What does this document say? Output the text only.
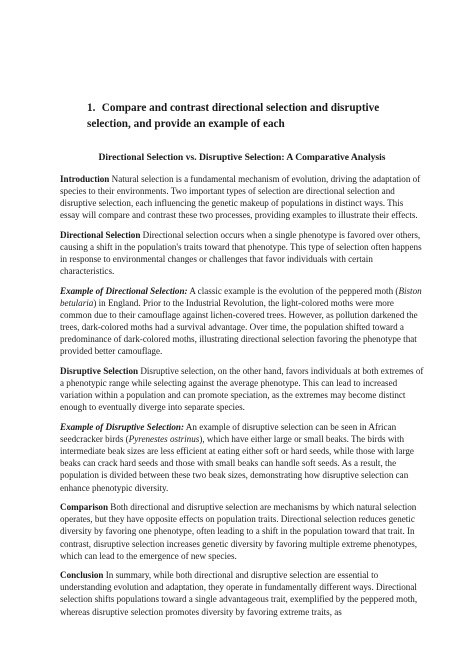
1. Compare and contrast directional selection and disruptive selection, and provide an example of each
Directional Selection vs. Disruptive Selection: A Comparative Analysis

Introduction Natural selection is a fundamental mechanism of evolution, driving the adaptation of species to their environments. Two important types of selection are directional selection and disruptive selection, each influencing the genetic makeup of populations in distinct ways. This essay will compare and contrast these two processes, providing examples to illustrate their effects.

Directional Selection Directional selection occurs when a single phenotype is favored over others, causing a shift in the population's traits toward that phenotype. This type of selection often happens in response to environmental changes or challenges that favor individuals with certain characteristics.

Example of Directional Selection: A classic example is the evolution of the peppered moth (Biston betularia) in England. Prior to the Industrial Revolution, the light-colored moths were more common due to their camouflage against lichen-covered trees. However, as pollution darkened the trees, dark-colored moths had a survival advantage. Over time, the population shifted toward a predominance of dark-colored moths, illustrating directional selection favoring the phenotype that provided better camouflage.

Disruptive Selection Disruptive selection, on the other hand, favors individuals at both extremes of a phenotypic range while selecting against the average phenotype. This can lead to increased variation within a population and can promote speciation, as the extremes may become distinct enough to eventually diverge into separate species.

Example of Disruptive Selection: An example of disruptive selection can be seen in African seedcracker birds (Pyrenestes ostrinus), which have either large or small beaks. The birds with intermediate beak sizes are less efficient at eating either soft or hard seeds, while those with large beaks can crack hard seeds and those with small beaks can handle soft seeds. As a result, the population is divided between these two beak sizes, demonstrating how disruptive selection can enhance phenotypic diversity.

Comparison Both directional and disruptive selection are mechanisms by which natural selection operates, but they have opposite effects on population traits. Directional selection reduces genetic diversity by favoring one phenotype, often leading to a shift in the population toward that trait. In contrast, disruptive selection increases genetic diversity by favoring multiple extreme phenotypes, which can lead to the emergence of new species.

Conclusion In summary, while both directional and disruptive selection are essential to understanding evolution and adaptation, they operate in fundamentally different ways. Directional selection shifts populations toward a single advantageous trait, exemplified by the peppered moth, whereas disruptive selection promotes diversity by favoring extreme traits, as
